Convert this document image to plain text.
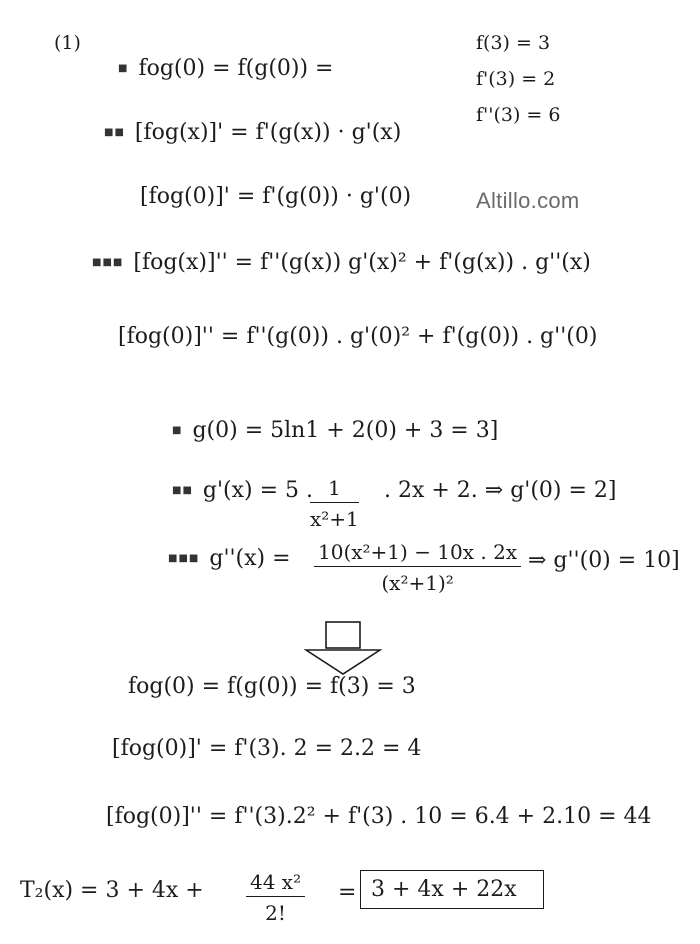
(1)	f(3) = 3
f'(3) = 2
f''(3) = 6
Altillo.com
■ fog(0) = f(g(0)) =
■■ [fog(x)]' = f'(g(x)) · g'(x)
[fog(0)]' = f'(g(0)) · g'(0)
■■■ [fog(x)]'' = f''(g(x)) g'(x)² + f'(g(x)) . g''(x)
[fog(0)]'' = f''(g(0)) . g'(0)² + f'(g(0)) . g''(0)
■ g(0) = 5ln1 + 2(0) + 3 = 3]
■■ g'(x) = 5 .
$\frac{1}{\text{x²+1}}$ . 2x + 2. ⇒ g'(0) = 2]
■■■ $g''(x) = \frac{\text{10(x²+1) − 10x . 2x}}{\text{(x²+1)²}}$ ⇒ g''(0) = 10]
fog(0) = f(g(0)) = f(3) = 3
[fog(0)]' = f'(3). 2 = 2.2 = 4
[fog(0)]'' = f''(3).2² + f'(3) . 10 = 6.4 + 2.10 = 44
$T_2(x) = 3 + 4x + \frac{\text{44 x²}}{2!} = 3 + 4x + 22x$
